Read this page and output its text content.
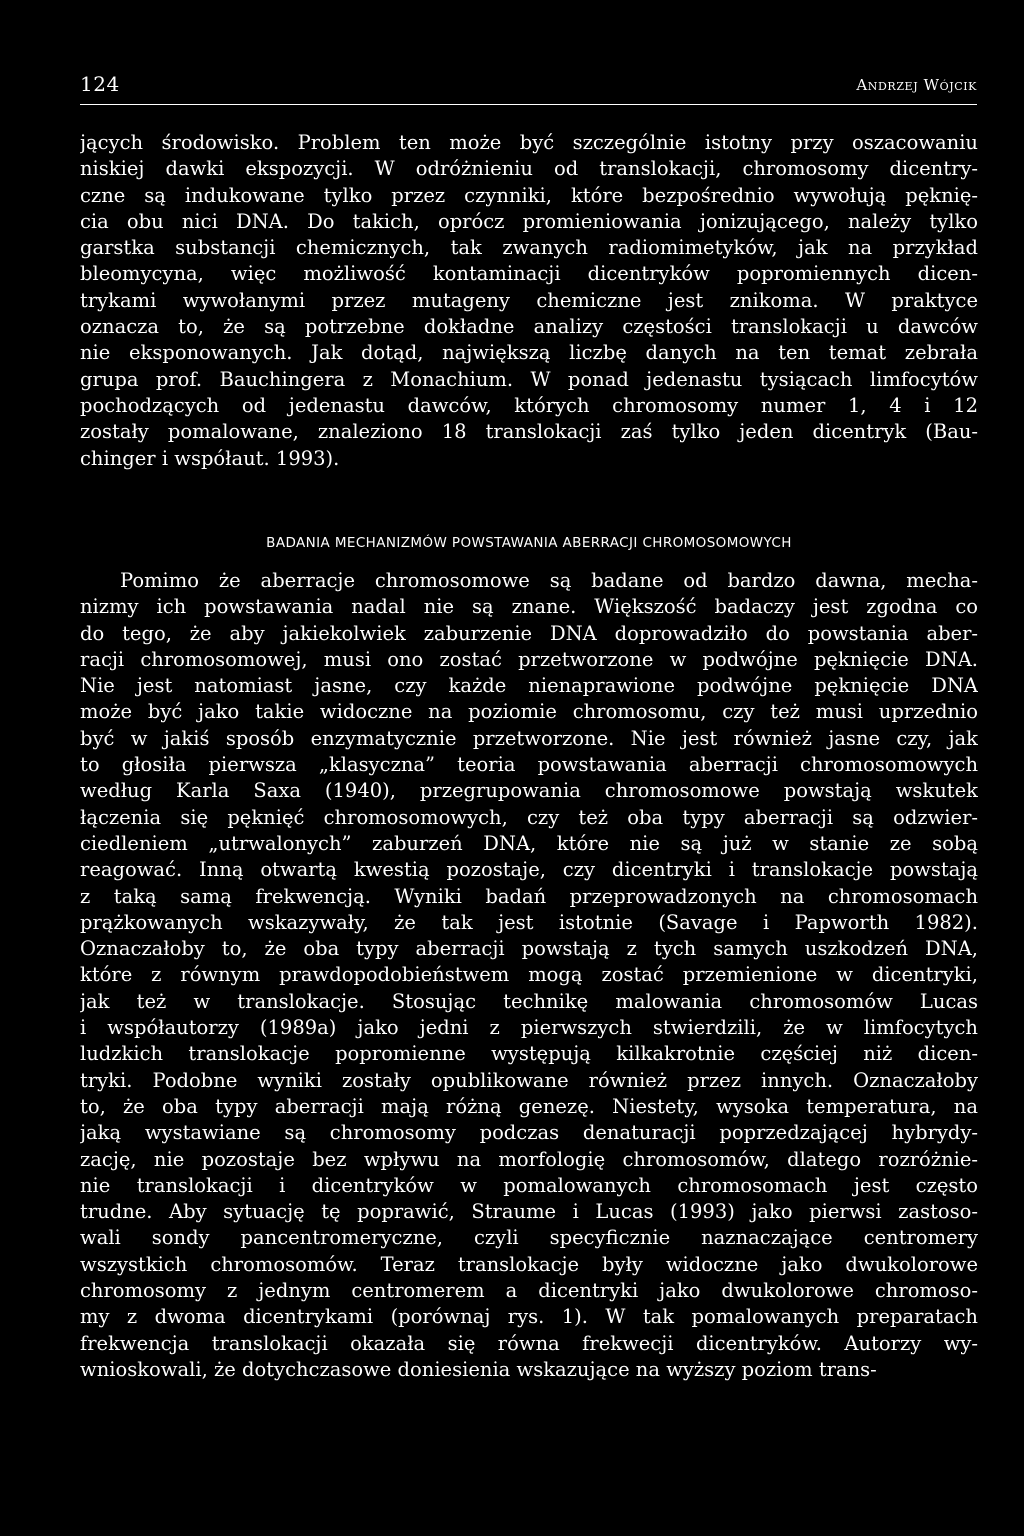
124	Andrzej Wójcik
jących środowisko. Problem ten może być szczególnie istotny przy oszacowaniu
niskiej dawki ekspozycji. W odróżnieniu od translokacji, chromosomy dicentry-
czne są indukowane tylko przez czynniki, które bezpośrednio wywołują pęknię-
cia obu nici DNA. Do takich, oprócz promieniowania jonizującego, należy tylko
garstka substancji chemicznych, tak zwanych radiomimetyków, jak na przykład
bleomycyna, więc możliwość kontaminacji dicentryków popromiennych dicen-
trykami wywołanymi przez mutageny chemiczne jest znikoma. W praktyce
oznacza to, że są potrzebne dokładne analizy częstości translokacji u dawców
nie eksponowanych. Jak dotąd, największą liczbę danych na ten temat zebrała
grupa prof. Bauchingera z Monachium. W ponad jedenastu tysiącach limfocytów
pochodzących od jedenastu dawców, których chromosomy numer 1, 4 i 12
zostały pomalowane, znaleziono 18 translokacji zaś tylko jeden dicentryk (Bau-
chinger i współaut. 1993).
BADANIA MECHANIZMÓW POWSTAWANIA ABERRACJI CHROMOSOMOWYCH
Pomimo że aberracje chromosomowe są badane od bardzo dawna, mecha-
nizmy ich powstawania nadal nie są znane. Większość badaczy jest zgodna co
do tego, że aby jakiekolwiek zaburzenie DNA doprowadziło do powstania aber-
racji chromosomowej, musi ono zostać przetworzone w podwójne pęknięcie DNA.
Nie jest natomiast jasne, czy każde nienaprawione podwójne pęknięcie DNA
może być jako takie widoczne na poziomie chromosomu, czy też musi uprzednio
być w jakiś sposób enzymatycznie przetworzone. Nie jest również jasne czy, jak
to głosiła pierwsza „klasyczna” teoria powstawania aberracji chromosomowych
według Karla Saxa (1940), przegrupowania chromosomowe powstają wskutek
łączenia się pęknięć chromosomowych, czy też oba typy aberracji są odzwier-
ciedleniem „utrwalonych” zaburzeń DNA, które nie są już w stanie ze sobą
reagować. Inną otwartą kwestią pozostaje, czy dicentryki i translokacje powstają
z taką samą frekwencją. Wyniki badań przeprowadzonych na chromosomach
prążkowanych wskazywały, że tak jest istotnie (Savage i Papworth 1982).
Oznaczałoby to, że oba typy aberracji powstają z tych samych uszkodzeń DNA,
które z równym prawdopodobieństwem mogą zostać przemienione w dicentryki,
jak też w translokacje. Stosując technikę malowania chromosomów Lucas
i współautorzy (1989a) jako jedni z pierwszych stwierdzili, że w limfocytych
ludzkich translokacje popromienne występują kilkakrotnie częściej niż dicen-
tryki. Podobne wyniki zostały opublikowane również przez innych. Oznaczałoby
to, że oba typy aberracji mają różną genezę. Niestety, wysoka temperatura, na
jaką wystawiane są chromosomy podczas denaturacji poprzedzającej hybrydy-
zację, nie pozostaje bez wpływu na morfologię chromosomów, dlatego rozróżnie-
nie translokacji i dicentryków w pomalowanych chromosomach jest często
trudne. Aby sytuację tę poprawić, Straume i Lucas (1993) jako pierwsi zastoso-
wali sondy pancentromeryczne, czyli specyficznie naznaczające centromery
wszystkich chromosomów. Teraz translokacje były widoczne jako dwukolorowe
chromosomy z jednym centromerem a dicentryki jako dwukolorowe chromoso-
my z dwoma dicentrykami (porównaj rys. 1). W tak pomalowanych preparatach
frekwencja translokacji okazała się równa frekwecji dicentryków. Autorzy wy-
wnioskowali, że dotychczasowe doniesienia wskazujące na wyższy poziom trans-
